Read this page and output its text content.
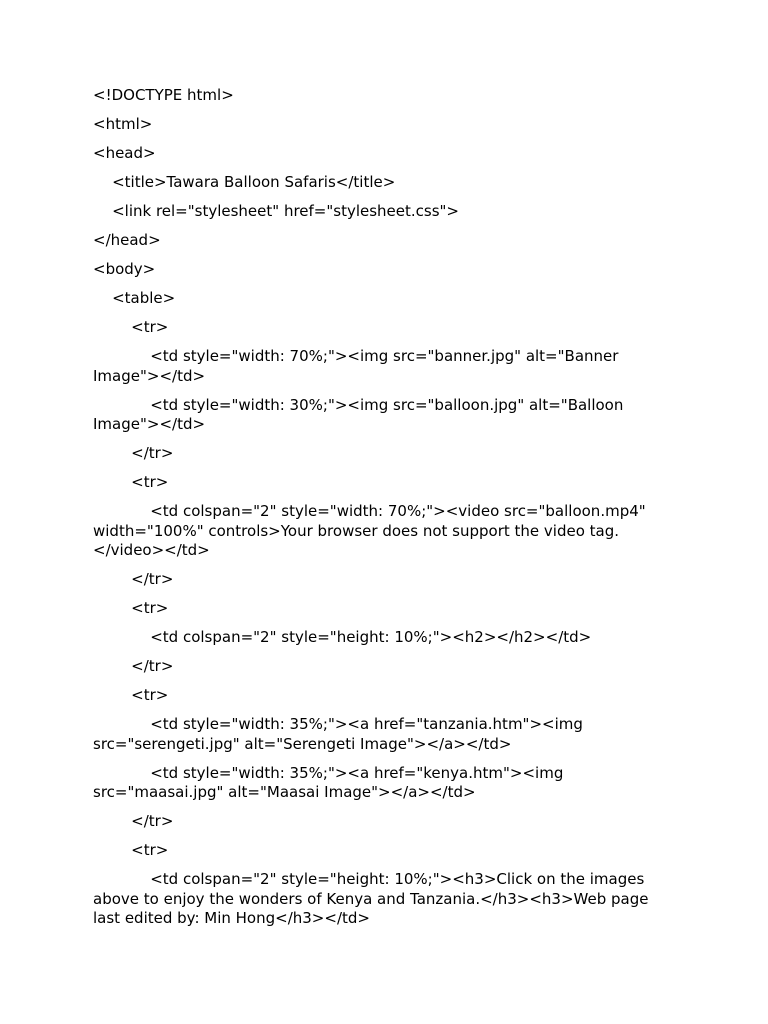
<!DOCTYPE html>

<html>

<head>

<title>Tawara Balloon Safaris</title>

<link rel="stylesheet" href="stylesheet.css">

</head>

<body>

<table>

<tr>

<td style="width: 70%;"><img src="banner.jpg" alt="Banner Image"></td>

<td style="width: 30%;"><img src="balloon.jpg" alt="Balloon Image"></td>

</tr>

<tr>

<td colspan="2" style="width: 70%;"><video src="balloon.mp4" width="100%" controls>Your browser does not support the video tag.</video></td>

</tr>

<tr>

<td colspan="2" style="height: 10%;"><h2></h2></td>

</tr>

<tr>

<td style="width: 35%;"><a href="tanzania.htm"><img src="serengeti.jpg" alt="Serengeti Image"></a></td>

<td style="width: 35%;"><a href="kenya.htm"><img src="maasai.jpg" alt="Maasai Image"></a></td>

</tr>

<tr>

<td colspan="2" style="height: 10%;"><h3>Click on the images above to enjoy the wonders of Kenya and Tanzania.</h3><h3>Web page last edited by: Min Hong</h3></td>
